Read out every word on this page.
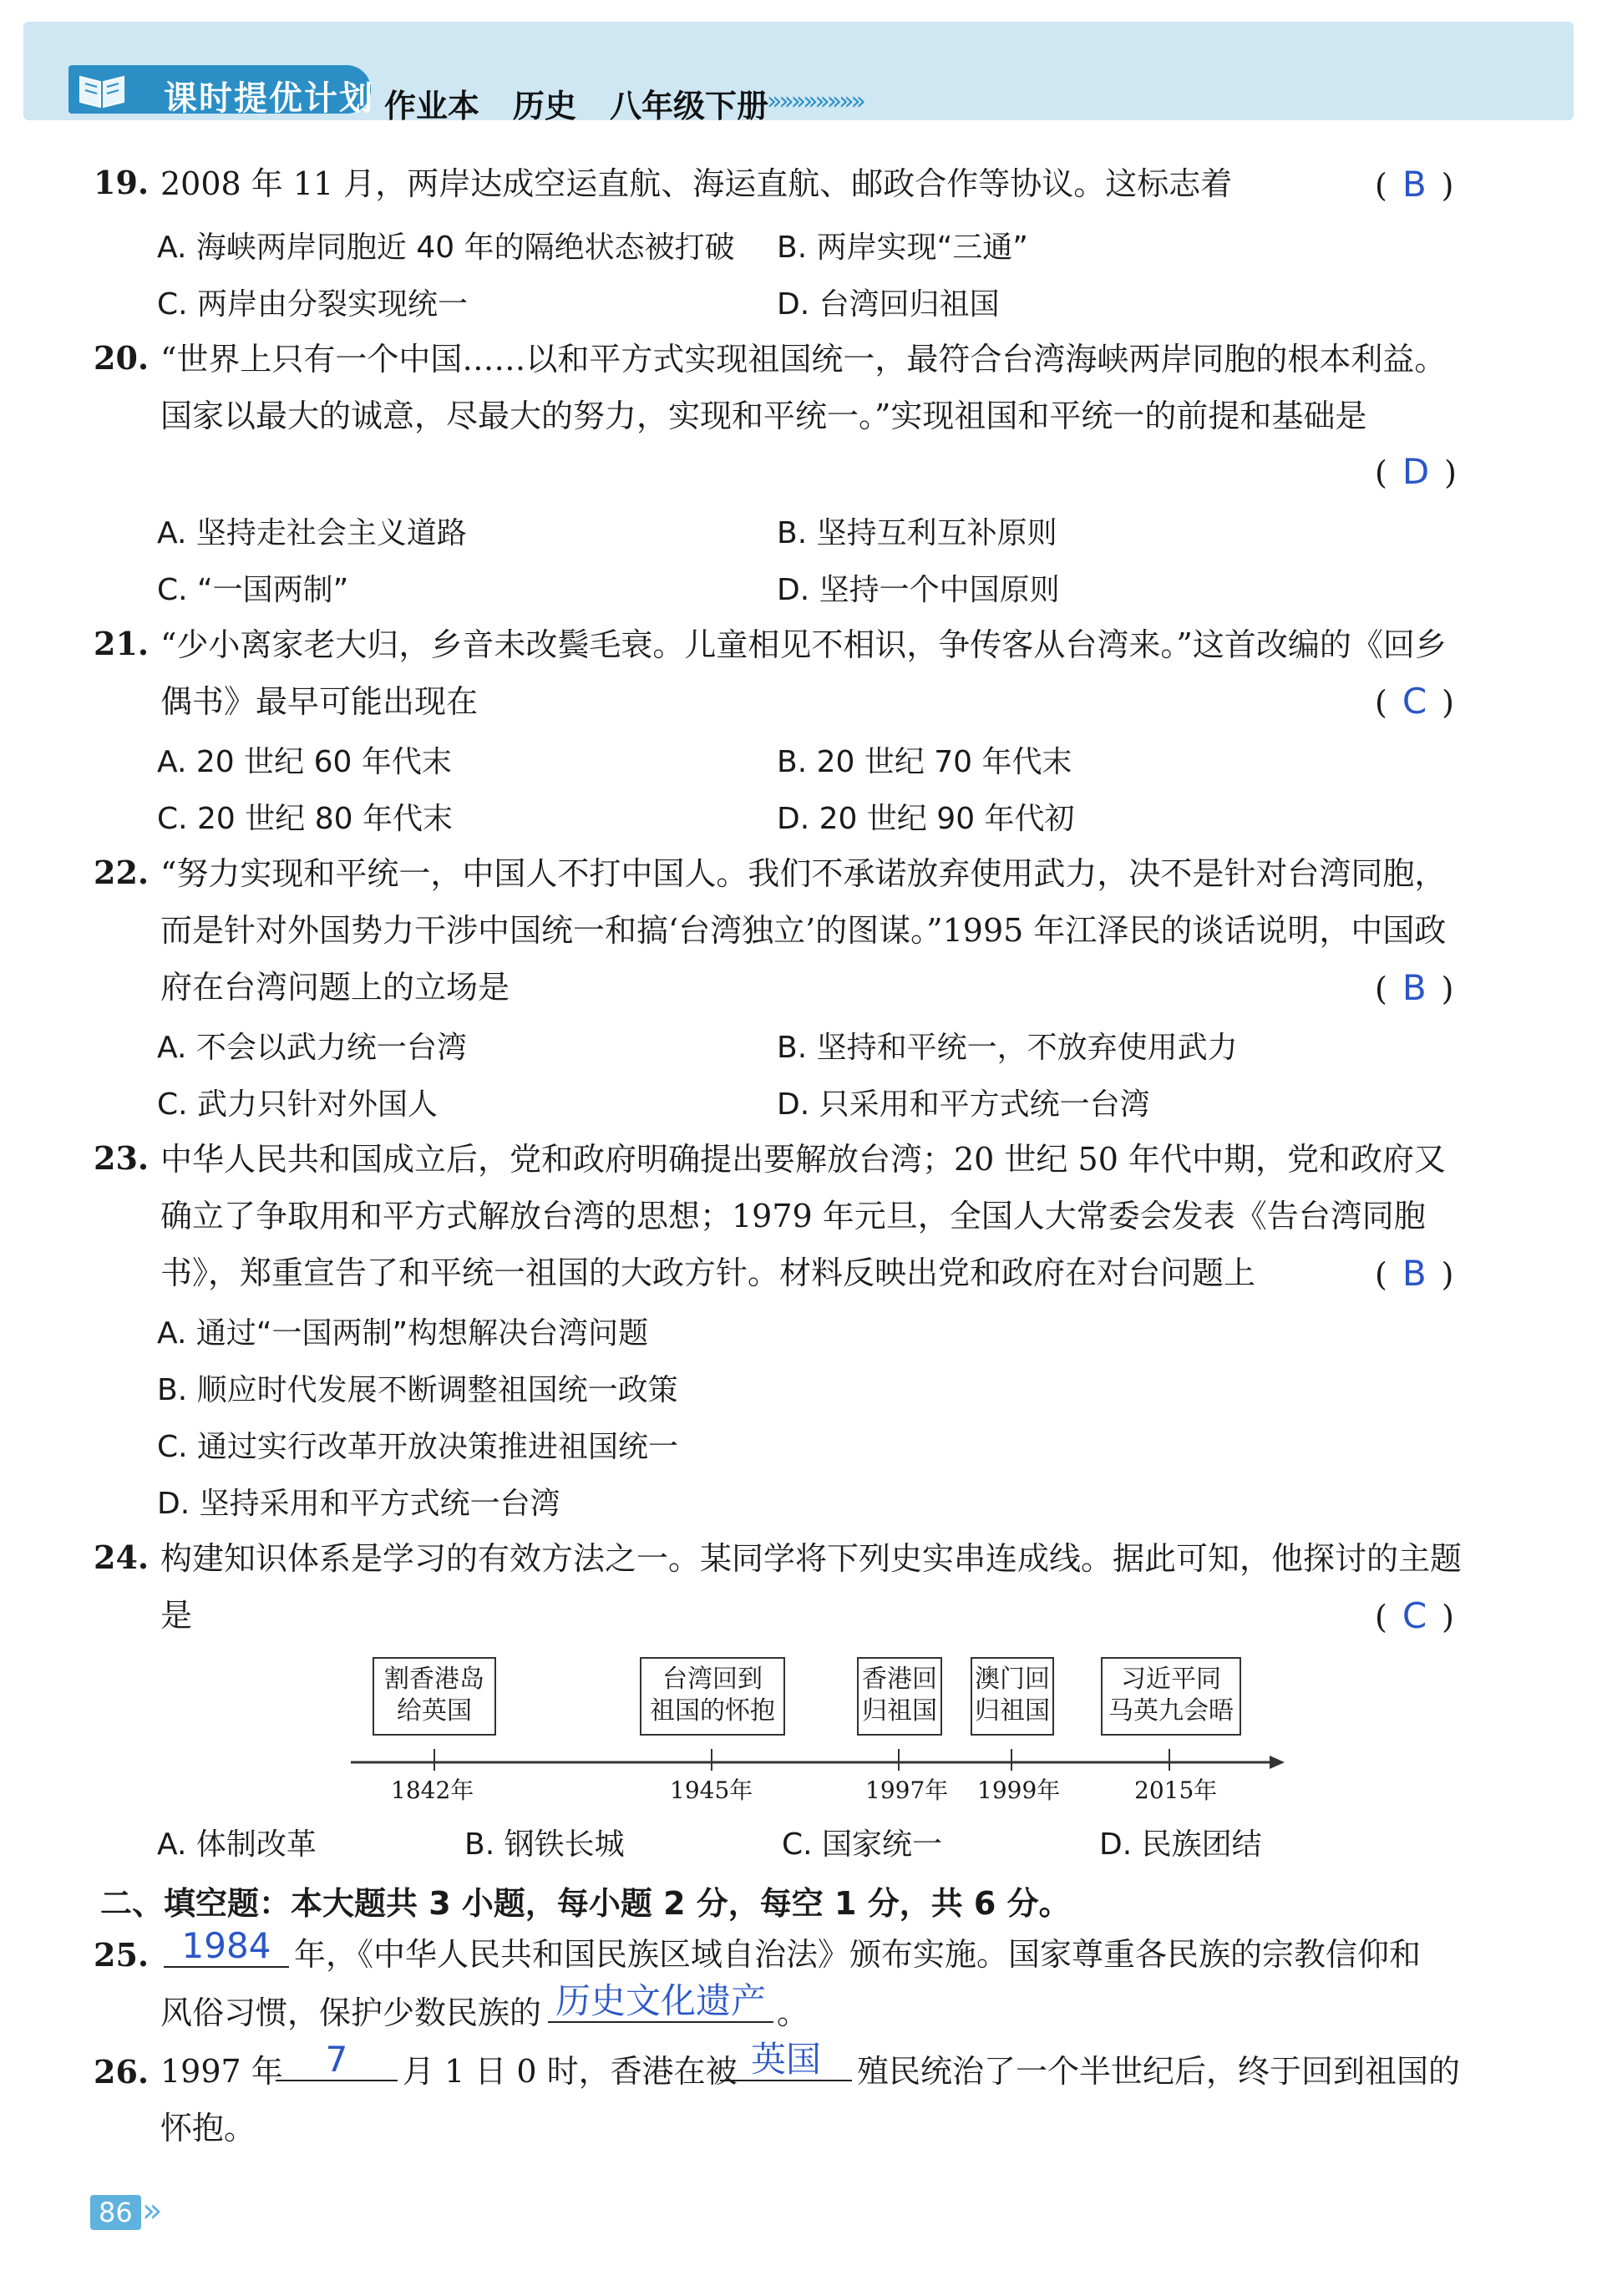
课时提优计划 作业本 历史 八年级下册
»»»»»»»»
19. 2008 年 11 月，两岸达成空运直航、海运直航、邮政合作等协议。这标志着	( B )
A. 海峡两岸同胞近 40 年的隔绝状态被打破 B. 两岸实现“三通”
C. 两岸由分裂实现统一	D. 台湾回归祖国
20. “世界上只有一个中国……以和平方式实现祖国统一，最符合台湾海峡两岸同胞的根本利益。国家以最大的诚意，尽最大的努力，实现和平统一。”实现祖国和平统一的前提和基础是
( D )
A. 坚持走社会主义道路	B. 坚持互利互补原则
C. “一国两制”	D. 坚持一个中国原则
21. “少小离家老大归，乡音未改鬓毛衰。儿童相见不相识，争传客从台湾来。”这首改编的《回乡偶书》最早可能出现在	( C )
A. 20 世纪 60 年代末	B. 20 世纪 70 年代末
C. 20 世纪 80 年代末	D. 20 世纪 90 年代初
22. “努力实现和平统一，中国人不打中国人。我们不承诺放弃使用武力，决不是针对台湾同胞，而是针对外国势力干涉中国统一和搞‘台湾独立’的图谋。”1995 年江泽民的谈话说明，中国政府在台湾问题上的立场是	( B )
A. 不会以武力统一台湾	B. 坚持和平统一，不放弃使用武力
C. 武力只针对外国人	D. 只采用和平方式统一台湾
23. 中华人民共和国成立后，党和政府明确提出要解放台湾；20 世纪 50 年代中期，党和政府又确立了争取用和平方式解放台湾的思想；1979 年元旦，全国人大常委会发表《告台湾同胞书》，郑重宣告了和平统一祖国的大政方针。材料反映出党和政府在对台问题上	( B )
A. 通过“一国两制”构想解决台湾问题
B. 顺应时代发展不断调整祖国统一政策
C. 通过实行改革开放决策推进祖国统一
D. 坚持采用和平方式统一台湾
24. 构建知识体系是学习的有效方法之一。某同学将下列史实串连成线。据此可知，他探讨的主题是	( C )
割香港岛
给英国
台湾回到
祖国的怀抱
香港回
归祖国
澳门回
归祖国
习近平同
马英九会晤
1842年	1945年	1997年 1999年	2015年
A. 体制改革	B. 钢铁长城	C. 国家统一	D. 民族团结
二、填空题：本大题共 3 小题，每小题 2 分，每空 1 分，共 6 分。
25. 1984 年，《中华人民共和国民族区域自治法》颁布实施。国家尊重各民族的宗教信仰和
风俗习惯，保护少数民族的 历史文化遗产 。
26. 1997 年	7	月 1 日 0 时，香港在被 英国	殖民统治了一个半世纪后，终于回到祖国的
怀抱。
86 »
